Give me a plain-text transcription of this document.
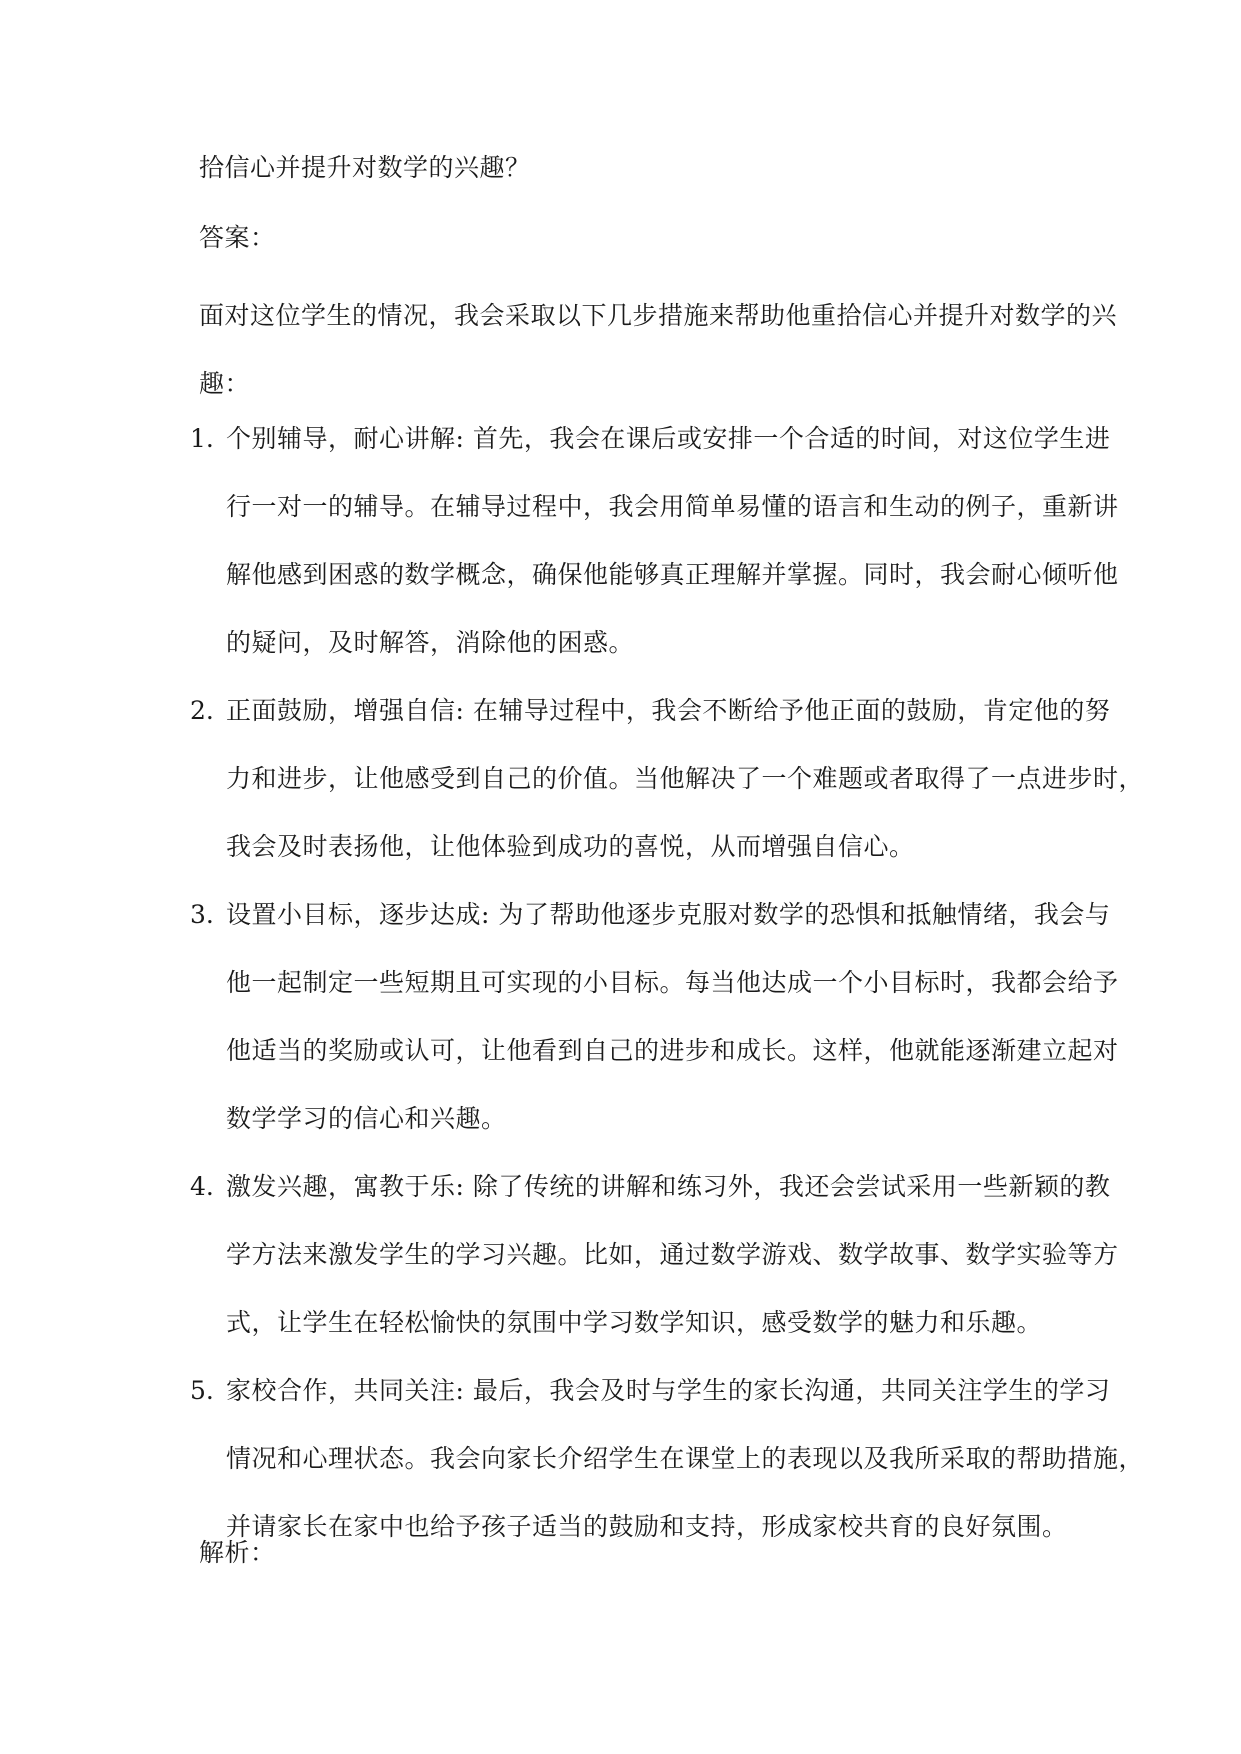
拾信心并提升对数学的兴趣？

答案：

面对这位学生的情况，我会采取以下几步措施来帮助他重拾信心并提升对数学的兴
趣：

1. 个别辅导，耐心讲解: 首先，我会在课后或安排一个合适的时间，对这位学生进
行一对一的辅导。在辅导过程中，我会用简单易懂的语言和生动的例子，重新讲
解他感到困惑的数学概念，确保他能够真正理解并掌握。同时，我会耐心倾听他
的疑问，及时解答，消除他的困惑。
2. 正面鼓励，增强自信: 在辅导过程中，我会不断给予他正面的鼓励，肯定他的努
力和进步，让他感受到自己的价值。当他解决了一个难题或者取得了一点进步时，
我会及时表扬他，让他体验到成功的喜悦，从而增强自信心。
3. 设置小目标，逐步达成: 为了帮助他逐步克服对数学的恐惧和抵触情绪，我会与
他一起制定一些短期且可实现的小目标。每当他达成一个小目标时，我都会给予
他适当的奖励或认可，让他看到自己的进步和成长。这样，他就能逐渐建立起对
数学学习的信心和兴趣。
4. 激发兴趣，寓教于乐: 除了传统的讲解和练习外，我还会尝试采用一些新颖的教
学方法来激发学生的学习兴趣。比如，通过数学游戏、数学故事、数学实验等方
式，让学生在轻松愉快的氛围中学习数学知识，感受数学的魅力和乐趣。
5. 家校合作，共同关注: 最后，我会及时与学生的家长沟通，共同关注学生的学习
情况和心理状态。我会向家长介绍学生在课堂上的表现以及我所采取的帮助措施，
并请家长在家中也给予孩子适当的鼓励和支持，形成家校共育的良好氛围。

解析：
